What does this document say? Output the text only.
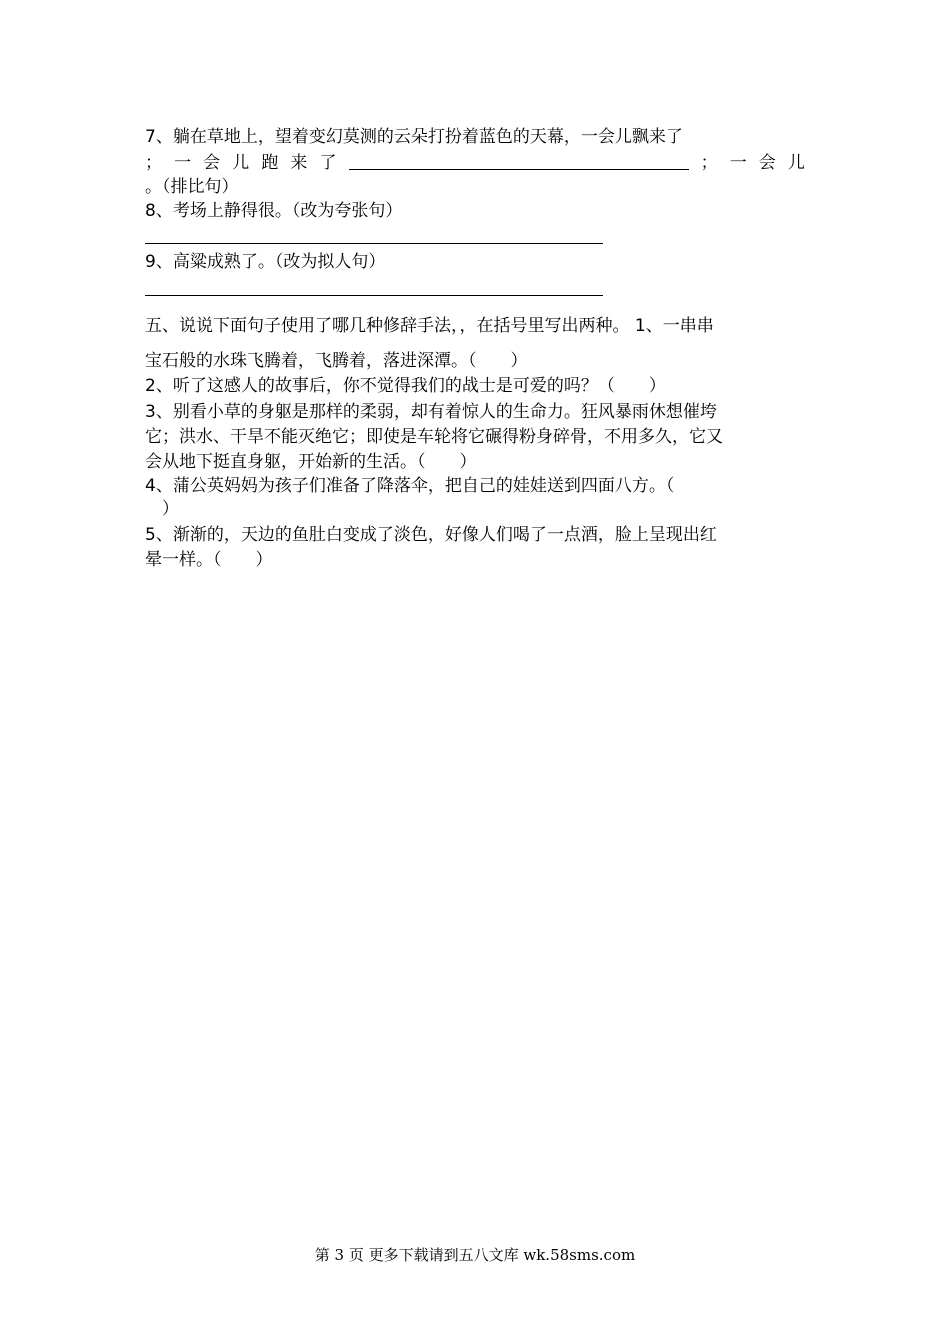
7、躺在草地上，望着变幻莫测的云朵打扮着蓝色的天幕，一会儿飘来了
； 一 会 儿 跑 来 了	； 一 会 儿
。（排比句）
8、考场上静得很。（改为夸张句）
9、高粱成熟了。（改为拟人句）
五、说说下面句子使用了哪几种修辞手法，，在括号里写出两种。 1、一串串
宝石般的水珠飞腾着，飞腾着，落进深潭。（　　）
2、听了这感人的故事后，你不觉得我们的战士是可爱的吗？（　　）
3、别看小草的身躯是那样的柔弱，却有着惊人的生命力。狂风暴雨休想催垮
它；洪水、干旱不能灭绝它；即使是车轮将它碾得粉身碎骨，不用多久，它又
会从地下挺直身躯，开始新的生活。（　　）
4、蒲公英妈妈为孩子们准备了降落伞，把自己的娃娃送到四面八方。（
）
5、渐渐的，天边的鱼肚白变成了淡色，好像人们喝了一点酒，脸上呈现出红
晕一样。（　　）
第 3 页 更多下载请到五八文库 wk.58sms.com
